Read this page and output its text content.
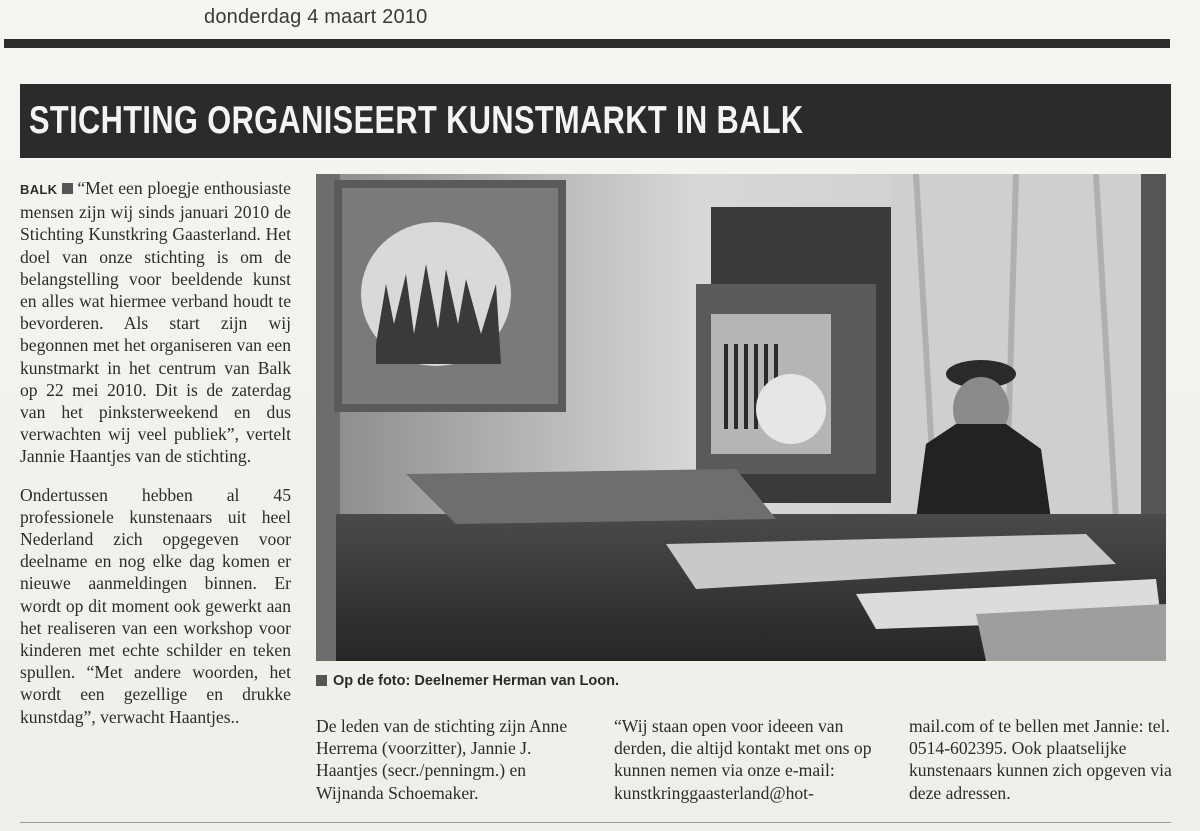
donderdag 4 maart 2010
STICHTING ORGANISEERT KUNSTMARKT IN BALK

BALK “Met een ploegje enthousiaste mensen zijn wij sinds januari 2010 de Stichting Kunstkring Gaasterland. Het doel van onze stichting is om de belangstelling voor beeldende kunst en alles wat hiermee verband houdt te bevorderen. Als start zijn wij begonnen met het organiseren van een kunstmarkt in het centrum van Balk op 22 mei 2010. Dit is de zaterdag van het pinksterweekend en dus verwachten wij veel publiek”, vertelt Jannie Haantjes van de stichting.

Ondertussen hebben al 45 professionele kunstenaars uit heel Nederland zich opgegeven voor deelname en nog elke dag komen er nieuwe aanmeldingen binnen. Er wordt op dit moment ook gewerkt aan het realiseren van een workshop voor kinderen met echte schilder en teken spullen. “Met andere woorden, het wordt een gezellige en drukke kunstdag”, verwacht Haantjes..

Op de foto: Deelnemer Herman van Loon.
De leden van de stichting zijn Anne Herrema (voorzitter), Jannie J. Haantjes (secr./penningm.) en Wijnanda Schoemaker.
“Wij staan open voor ideeen van derden, die altijd kontakt met ons op kunnen nemen via onze e-mail: kunstkringgaasterland@hot-
mail.com of te bellen met Jannie: tel. 0514-602395. Ook plaatselijke kunstenaars kunnen zich opgeven via deze adressen.
